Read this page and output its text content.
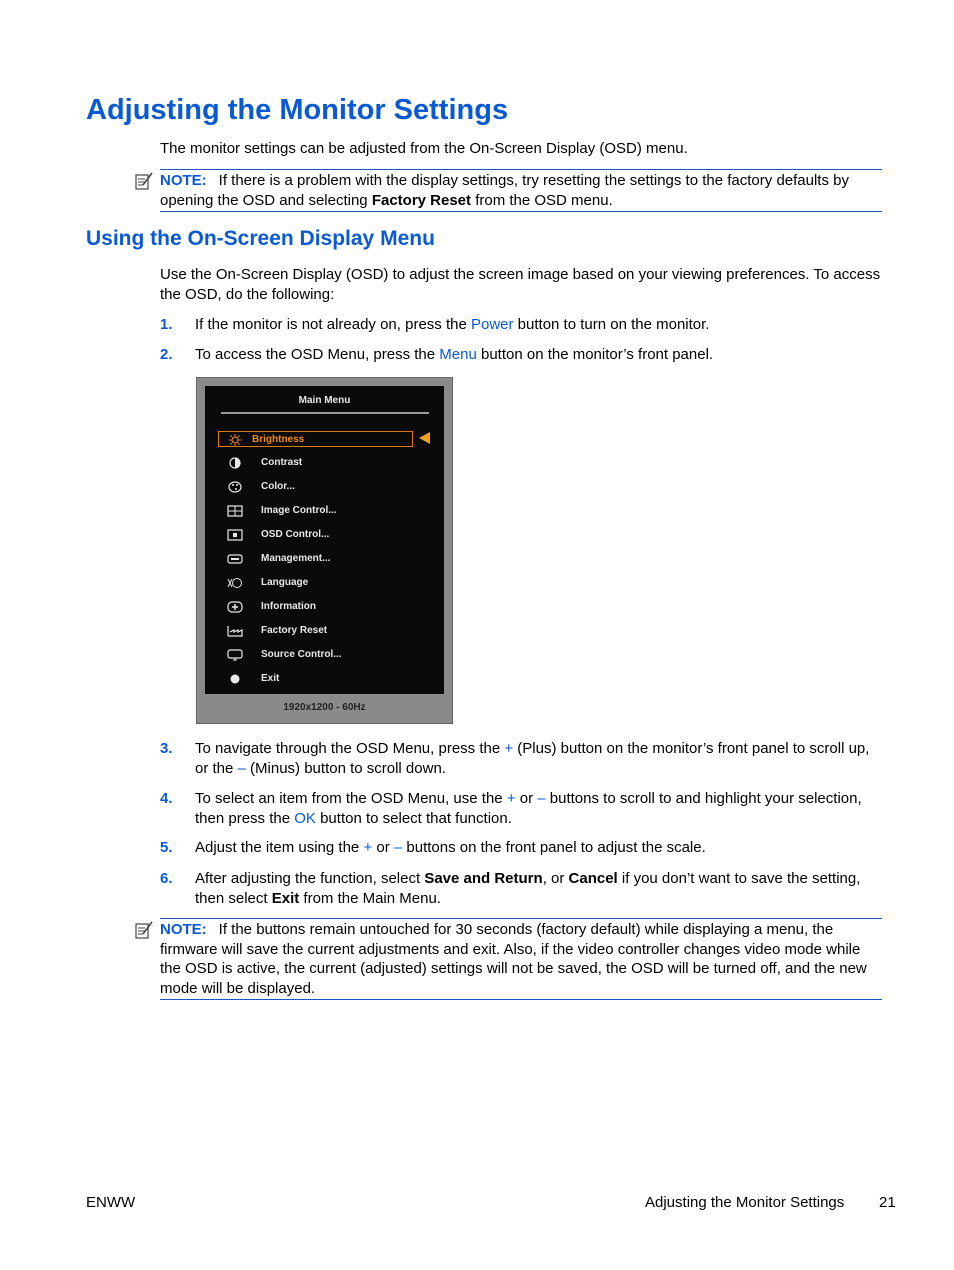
Adjusting the Monitor Settings

The monitor settings can be adjusted from the On-Screen Display (OSD) menu.

NOTE: If there is a problem with the display settings, try resetting the settings to the factory defaults by opening the OSD and selecting Factory Reset from the OSD menu.
Using the On-Screen Display Menu

Use the On-Screen Display (OSD) to adjust the screen image based on your viewing preferences. To access the OSD, do the following:

1. If the monitor is not already on, press the Power button to turn on the monitor.
2. To access the OSD Menu, press the Menu button on the monitor’s front panel.
Main Menu
Brightness
Contrast
Color...
Image Control...
OSD Control...
Management...
Language
Information
Factory Reset
Source Control...
Exit
1920x1200 - 60Hz
3. To navigate through the OSD Menu, press the + (Plus) button on the monitor’s front panel to scroll up, or the – (Minus) button to scroll down.
4. To select an item from the OSD Menu, use the + or – buttons to scroll to and highlight your selection, then press the OK button to select that function.
5. Adjust the item using the + or – buttons on the front panel to adjust the scale.
6. After adjusting the function, select Save and Return, or Cancel if you don’t want to save the setting, then select Exit from the Main Menu.
NOTE: If the buttons remain untouched for 30 seconds (factory default) while displaying a menu, the firmware will save the current adjustments and exit. Also, if the video controller changes video mode while the OSD is active, the current (adjusted) settings will not be saved, the OSD will be turned off, and the new mode will be displayed.
ENWW	Adjusting the Monitor Settings 21
